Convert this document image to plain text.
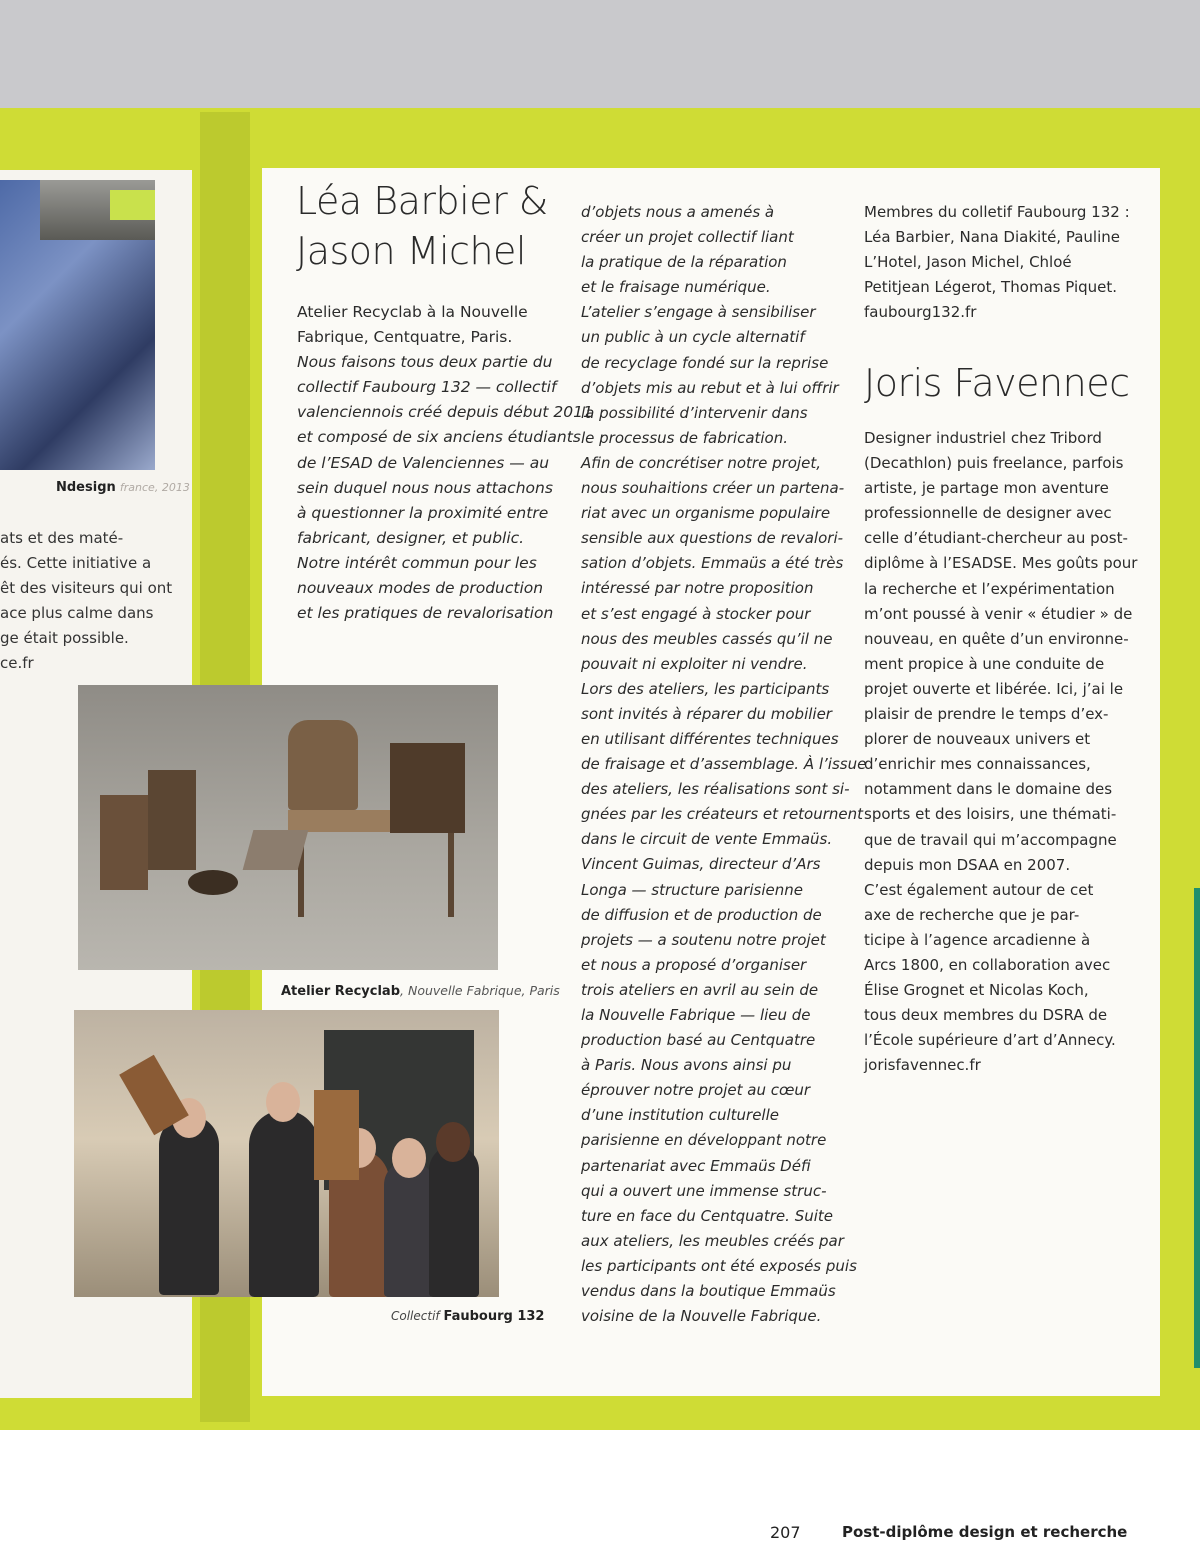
Ndesign france, 2013
ats et des maté-
és. Cette initiative a
êt des visiteurs qui ont
ace plus calme dans
ge était possible.
ce.fr
Léa Barbier &
Jason Michel
Atelier Recyclab à la Nouvelle
Fabrique, Centquatre, Paris.
Nous faisons tous deux partie du
collectif Faubourg 132 — collectif
valenciennois créé depuis début 2011
et composé de six anciens étudiants
de l’ESAD de Valenciennes — au
sein duquel nous nous attachons
à questionner la proximité entre
fabricant, designer, et public.
Notre intérêt commun pour les
nouveaux modes de production
et les pratiques de revalorisation
d’objets nous a amenés à
créer un projet collectif liant
la pratique de la réparation
et le fraisage numérique.
L’atelier s’engage à sensibiliser
un public à un cycle alternatif
de recyclage fondé sur la reprise
d’objets mis au rebut et à lui offrir
la possibilité d’intervenir dans
le processus de fabrication.
Afin de concrétiser notre projet,
nous souhaitions créer un partena-
riat avec un organisme populaire
sensible aux questions de revalori-
sation d’objets. Emmaüs a été très
intéressé par notre proposition
et s’est engagé à stocker pour
nous des meubles cassés qu’il ne
pouvait ni exploiter ni vendre.
Lors des ateliers, les participants
sont invités à réparer du mobilier
en utilisant différentes techniques
de fraisage et d’assemblage. À l’issue
des ateliers, les réalisations sont si-
gnées par les créateurs et retournent
dans le circuit de vente Emmaüs.
Vincent Guimas, directeur d’Ars
Longa — structure parisienne
de diffusion et de production de
projets — a soutenu notre projet
et nous a proposé d’organiser
trois ateliers en avril au sein de
la Nouvelle Fabrique — lieu de
production basé au Centquatre
à Paris. Nous avons ainsi pu
éprouver notre projet au cœur
d’une institution culturelle
parisienne en développant notre
partenariat avec Emmaüs Défi
qui a ouvert une immense struc-
ture en face du Centquatre. Suite
aux ateliers, les meubles créés par
les participants ont été exposés puis
vendus dans la boutique Emmaüs
voisine de la Nouvelle Fabrique.
Membres du colletif Faubourg 132 :
Léa Barbier, Nana Diakité, Pauline
L’Hotel, Jason Michel, Chloé
Petitjean Légerot, Thomas Piquet.
faubourg132.fr
Joris Favennec
Designer industriel chez Tribord
(Decathlon) puis freelance, parfois
artiste, je partage mon aventure
professionnelle de designer avec
celle d’étudiant-chercheur au post-
diplôme à l’ESADSE. Mes goûts pour
la recherche et l’expérimentation
m’ont poussé à venir « étudier » de
nouveau, en quête d’un environne-
ment propice à une conduite de
projet ouverte et libérée. Ici, j’ai le
plaisir de prendre le temps d’ex-
plorer de nouveaux univers et
d’enrichir mes connaissances,
notamment dans le domaine des
sports et des loisirs, une thémati-
que de travail qui m’accompagne
depuis mon DSAA en 2007.
C’est également autour de cet
axe de recherche que je par-
ticipe à l’agence arcadienne à
Arcs 1800, en collaboration avec
Élise Grognet et Nicolas Koch,
tous deux membres du DSRA de
l’École supérieure d’art d’Annecy.
jorisfavennec.fr
207	Post-diplôme design et recherche
Atelier Recyclab, Nouvelle Fabrique, Paris
Collectif Faubourg 132
